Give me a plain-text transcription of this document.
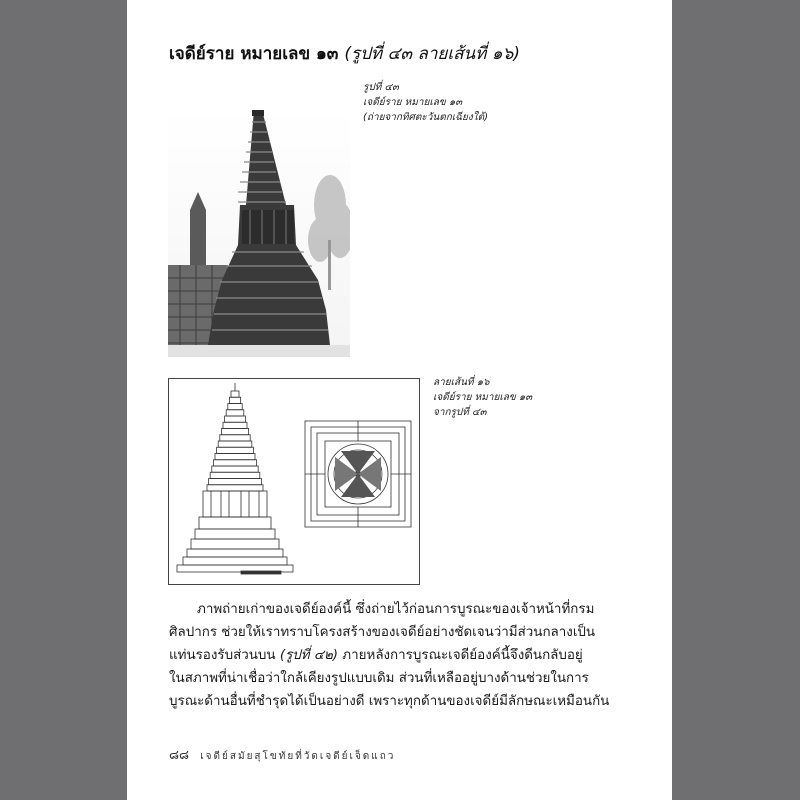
เจดีย์ราย หมายเลข ๑๓ (รูปที่ ๔๓ ลายเส้นที่ ๑๖)
รูปที่ ๔๓
เจดีย์ราย หมายเลข ๑๓
(ถ่ายจากทิศตะวันตกเฉียงใต้)
ลายเส้นที่ ๑๖
เจดีย์ราย หมายเลข ๑๓
จากรูปที่ ๔๓
ภาพถ่ายเก่าของเจดีย์องค์นี้ ซึ่งถ่ายไว้ก่อนการบูรณะของเจ้าหน้าที่กรม
ศิลปากร ช่วยให้เราทราบโครงสร้างของเจดีย์อย่างชัดเจนว่ามีส่วนกลางเป็น
แท่นรองรับส่วนบน (รูปที่ ๔๒) ภายหลังการบูรณะเจดีย์องค์นี้จึงดีนกลับอยู่
ในสภาพที่น่าเชื่อว่าใกล้เคียงรูปแบบเดิม ส่วนที่เหลืออยู่บางด้านช่วยในการ
บูรณะด้านอื่นที่ชำรุดได้เป็นอย่างดี เพราะทุกด้านของเจดีย์มีลักษณะเหมือนกัน
๘๘ เจดีย์สมัยสุโขทัยที่วัดเจดีย์เจ็ดแถว
